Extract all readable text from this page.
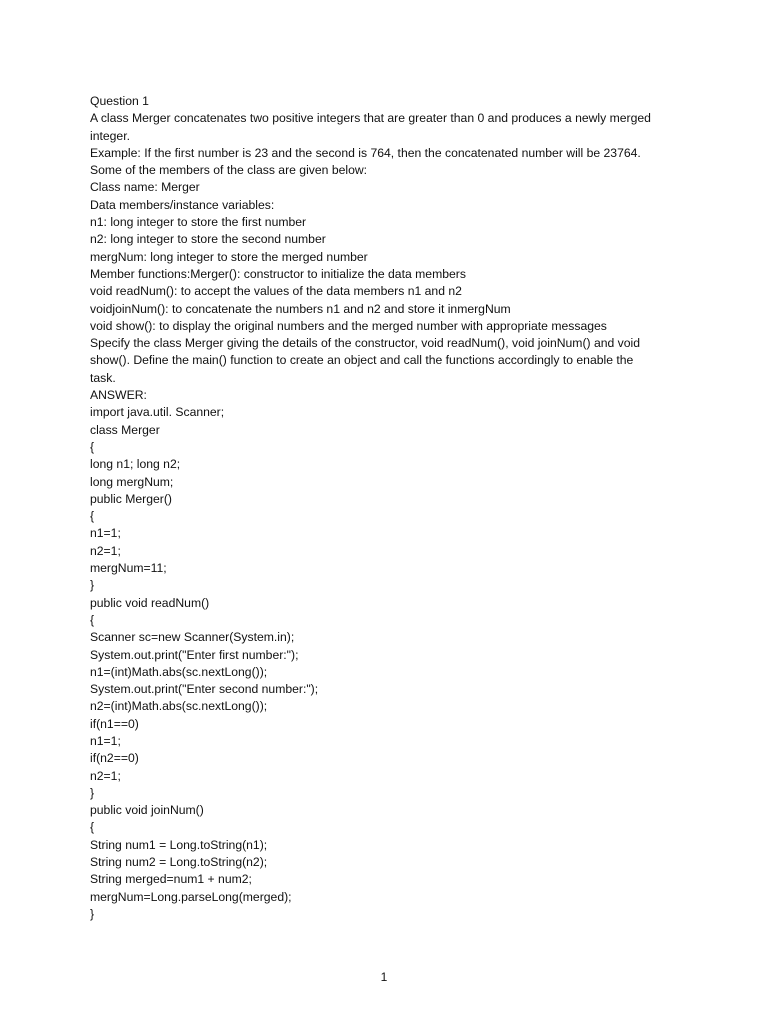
Question 1
A class Merger concatenates two positive integers that are greater than 0 and produces a newly merged
integer.
Example: If the first number is 23 and the second is 764, then the concatenated number will be 23764.
Some of the members of the class are given below:
Class name: Merger
Data members/instance variables:
n1: long integer to store the first number
n2: long integer to store the second number
mergNum: long integer to store the merged number
Member functions:Merger(): constructor to initialize the data members
void readNum(): to accept the values of the data members n1 and n2
voidjoinNum(): to concatenate the numbers n1 and n2 and store it inmergNum
void show(): to display the original numbers and the merged number with appropriate messages
Specify the class Merger giving the details of the constructor, void readNum(), void joinNum() and void
show(). Define the main() function to create an object and call the functions accordingly to enable the
task.
ANSWER:
import java.util. Scanner;
class Merger
{
long n1; long n2;
long mergNum;
public Merger()
{
n1=1;
n2=1;
mergNum=11;
}
public void readNum()
{
Scanner sc=new Scanner(System.in);
System.out.print("Enter first number:");
n1=(int)Math.abs(sc.nextLong());
System.out.print("Enter second number:");
n2=(int)Math.abs(sc.nextLong());
if(n1==0)
n1=1;
if(n2==0)
n2=1;
}
public void joinNum()
{
String num1 = Long.toString(n1);
String num2 = Long.toString(n2);
String merged=num1 + num2;
mergNum=Long.parseLong(merged);
}
1
